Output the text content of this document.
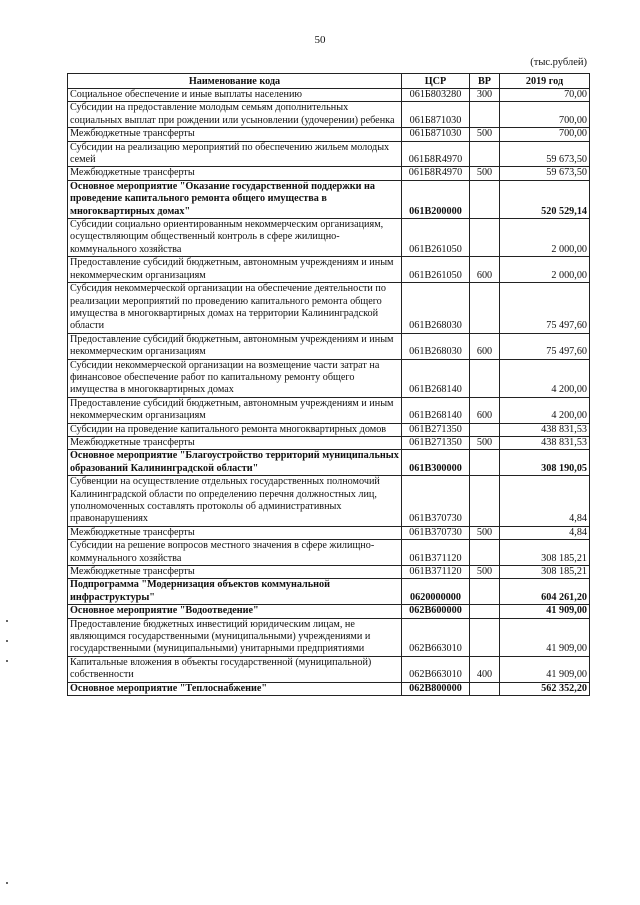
50
(тыс.рублей)
Наименование кода	ЦСР	ВР	2019 год
Социальное обеспечение и иные выплаты населению	061Б803280	300	70,00
Субсидии на предоставление молодым семьям дополнительных социальных выплат при рождении или усыновлении (удочерении) ребенка	061Б871030		700,00
Межбюджетные трансферты	061Б871030	500	700,00
Субсидии на реализацию мероприятий по обеспечению жильем молодых семей	061Б8R4970		59 673,50
Межбюджетные трансферты	061Б8R4970	500	59 673,50
Основное мероприятие "Оказание государственной поддержки на проведение капитального ремонта общего имущества в многоквартирных домах"	061В200000		520 529,14
Субсидии социально ориентированным некоммерческим организациям, осуществляющим общественный контроль в сфере жилищно-коммунального хозяйства	061В261050		2 000,00
Предоставление субсидий бюджетным, автономным учреждениям и иным некоммерческим организациям	061В261050	600	2 000,00
Субсидия некоммерческой организации на обеспечение деятельности по реализации мероприятий по проведению капитального ремонта общего имущества в многоквартирных домах на территории Калининградской области	061В268030		75 497,60
Предоставление субсидий бюджетным, автономным учреждениям и иным некоммерческим организациям	061В268030	600	75 497,60
Субсидии некоммерческой организации на возмещение части затрат на финансовое обеспечение работ по капитальному ремонту общего имущества в многоквартирных домах	061В268140		4 200,00
Предоставление субсидий бюджетным, автономным учреждениям и иным некоммерческим организациям	061В268140	600	4 200,00
Субсидии на проведение капитального ремонта многоквартирных домов	061В271350		438 831,53
Межбюджетные трансферты	061В271350	500	438 831,53
Основное мероприятие "Благоустройство территорий муниципальных образований Калининградской области"	061В300000		308 190,05
Субвенции на осуществление отдельных государственных полномочий Калининградской области по определению перечня должностных лиц, уполномоченных составлять протоколы об административных правонарушениях	061В370730		4,84
Межбюджетные трансферты	061В370730	500	4,84
Субсидии на решение вопросов местного значения в сфере жилищно-коммунального хозяйства	061В371120		308 185,21
Межбюджетные трансферты	061В371120	500	308 185,21
Подпрограмма "Модернизация объектов коммунальной инфраструктуры"	0620000000		604 261,20
Основное мероприятие "Водоотведение"	062В600000		41 909,00
Предоставление бюджетных инвестиций юридическим лицам, не являющимся государственными (муниципальными) учреждениями и государственными (муниципальными) унитарными предприятиями	062В663010		41 909,00
Капитальные вложения в объекты государственной (муниципальной) собственности	062В663010	400	41 909,00
Основное мероприятие "Теплоснабжение"	062В800000		562 352,20
